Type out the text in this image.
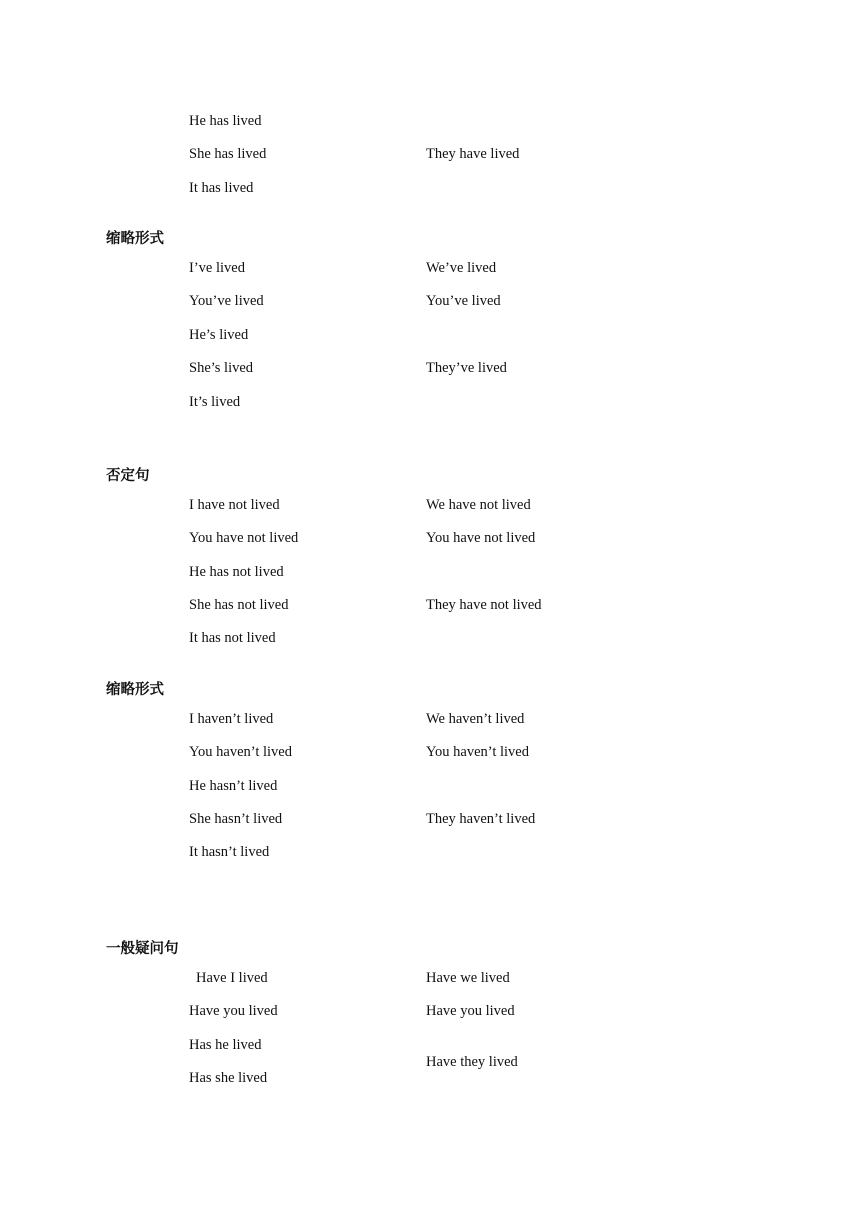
He has lived
She has lived	They have lived
It has lived
缩略形式
I’ve lived	We’ve lived
You’ve lived	You’ve lived
He’s lived
She’s lived	They’ve lived
It’s lived
否定句
I have not lived	We have not lived
You have not lived	You have not lived
He has not lived
She has not lived	They have not lived
It has not lived
缩略形式
I haven’t lived	We haven’t lived
You haven’t lived	You haven’t lived
He hasn’t lived
She hasn’t lived	They haven’t lived
It hasn’t lived
一般疑问句
Have I lived	Have we lived
Have you lived	Have you lived
Has he lived
Have they lived
Has she lived
